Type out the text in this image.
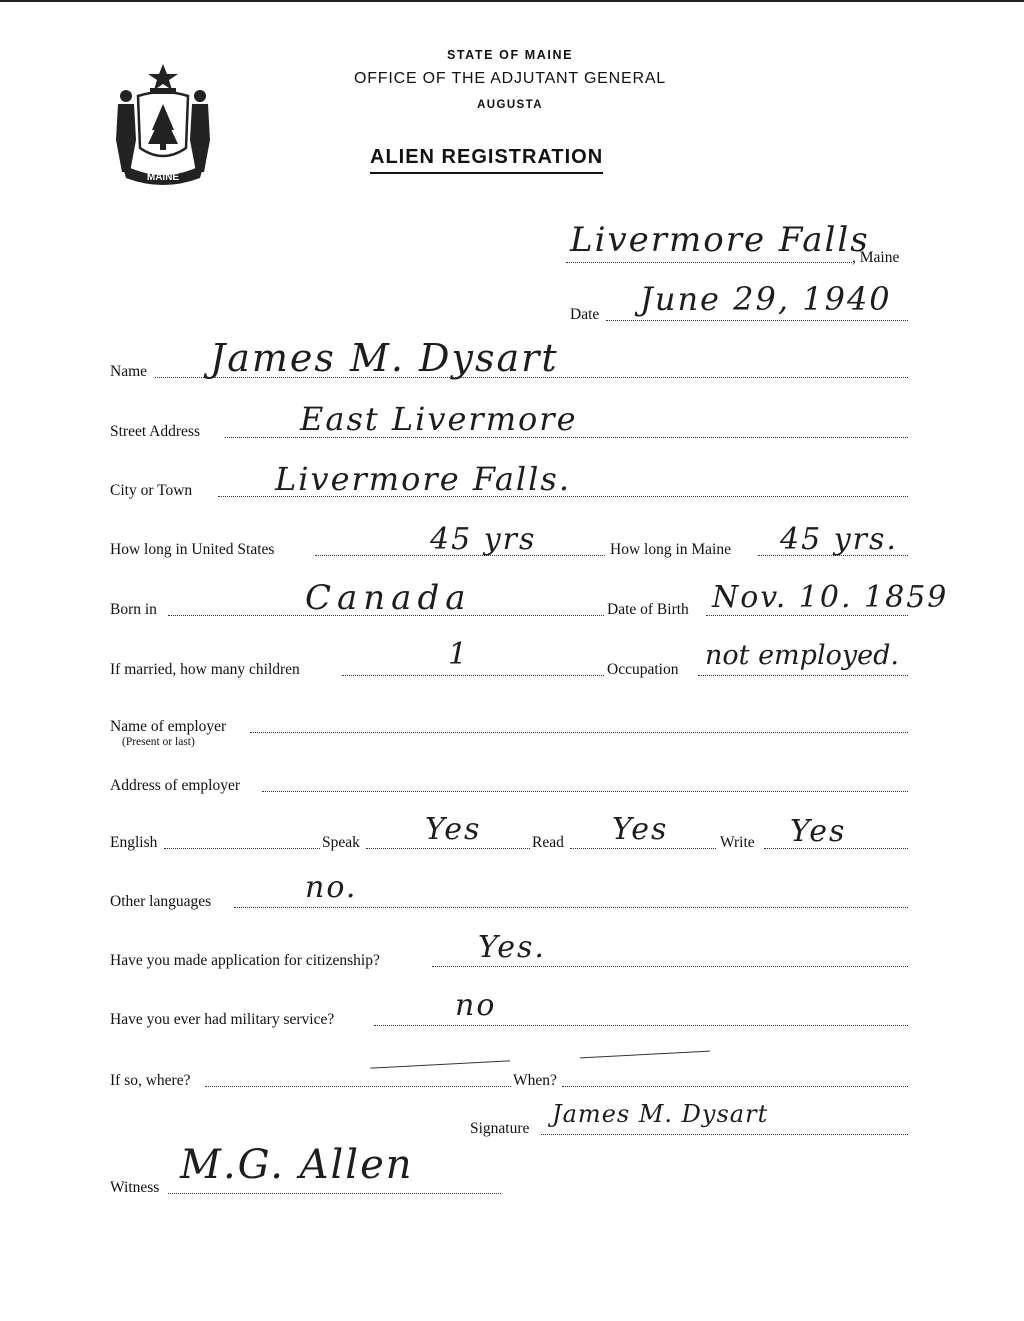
MAINE
STATE OF MAINE
OFFICE OF THE ADJUTANT GENERAL
AUGUSTA
ALIEN REGISTRATION
Livermore Falls
, Maine
Date June 29, 1940
Name James M. Dysart
Street Address	East Livermore
City or Town	Livermore Falls.
How long in United States	45 yrs	How long in Maine 45 yrs.
Born in	Canada	Date of Birth Nov. 10. 1859
If married, how many children	1	Occupation not employed.
Name of employer
(Present or last)
Address of employer
English	Speak Yes	Read Yes	Write Yes
Other languages	no.
Have you made application for citizenship?	Yes.
Have you ever had military service?	no
If so, where?	When?
Signature
James M. Dysart
Witness M.G. Allen
